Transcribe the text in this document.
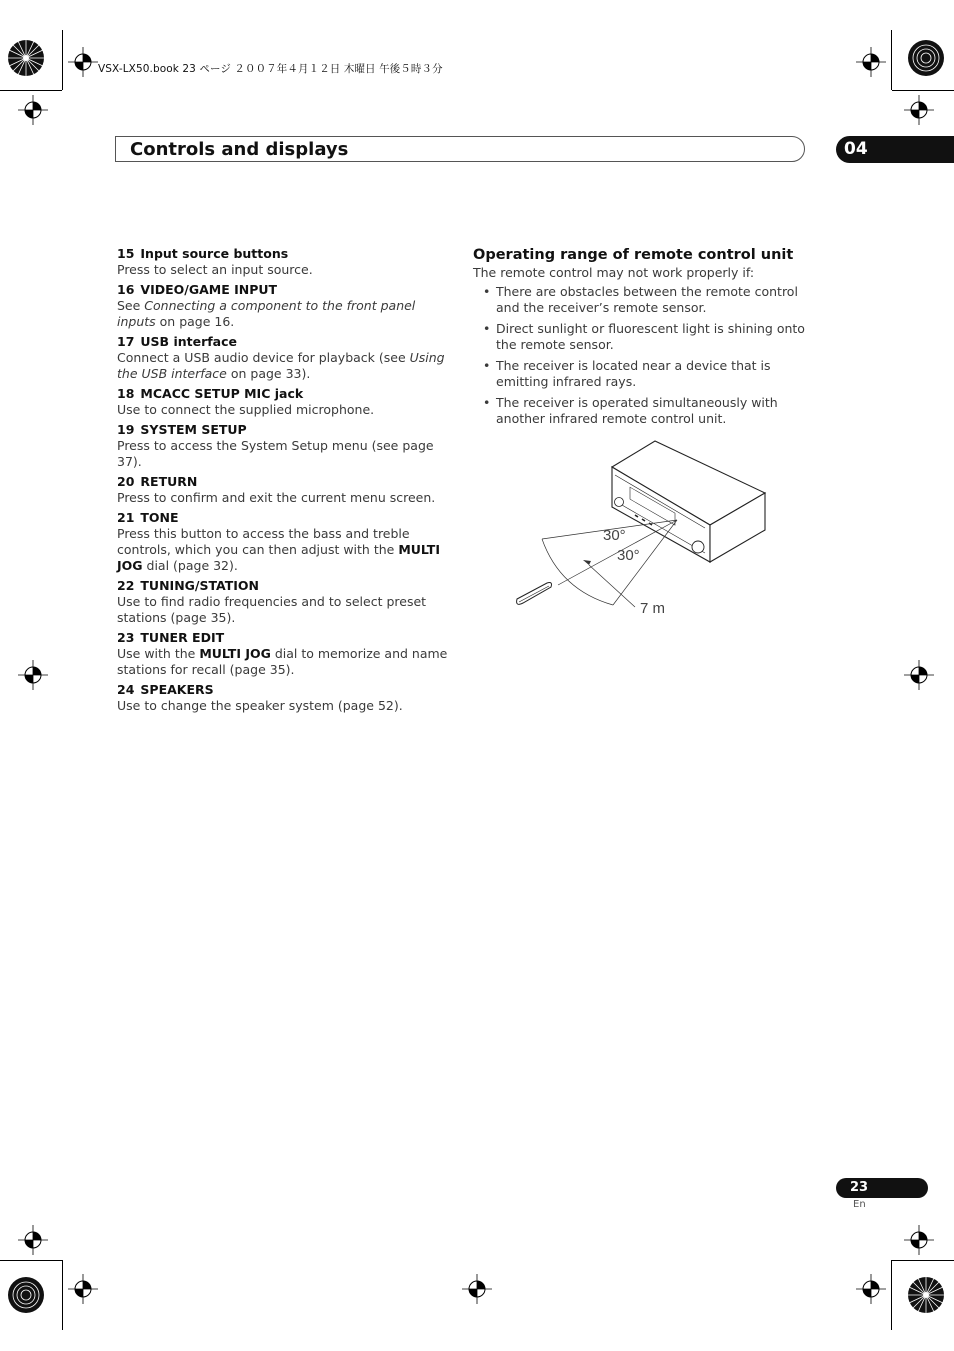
VSX-LX50.book 23 ページ ２００７年４月１２日 木曜日 午後５時３分
Controls and displays	04
15 Input source buttons
Press to select an input source.
16 VIDEO/GAME INPUT
See Connecting a component to the front panel inputs on page 16.
17 USB interface
Connect a USB audio device for playback (see Using the USB interface on page 33).
18 MCACC SETUP MIC jack
Use to connect the supplied microphone.
19 SYSTEM SETUP
Press to access the System Setup menu (see page 37).
20 RETURN
Press to confirm and exit the current menu screen.
21 TONE
Press this button to access the bass and treble controls, which you can then adjust with the MULTI JOG dial (page 32).
22 TUNING/STATION
Use to find radio frequencies and to select preset stations (page 35).
23 TUNER EDIT
Use with the MULTI JOG dial to memorize and name stations for recall (page 35).
24 SPEAKERS
Use to change the speaker system (page 52).
Operating range of remote control unit
The remote control may not work properly if:
• There are obstacles between the remote control and the receiver’s remote sensor.
• Direct sunlight or fluorescent light is shining onto the remote sensor.
• The receiver is located near a device that is emitting infrared rays.
• The receiver is operated simultaneously with another infrared remote control unit.
30°
30°
7 m
23
En
